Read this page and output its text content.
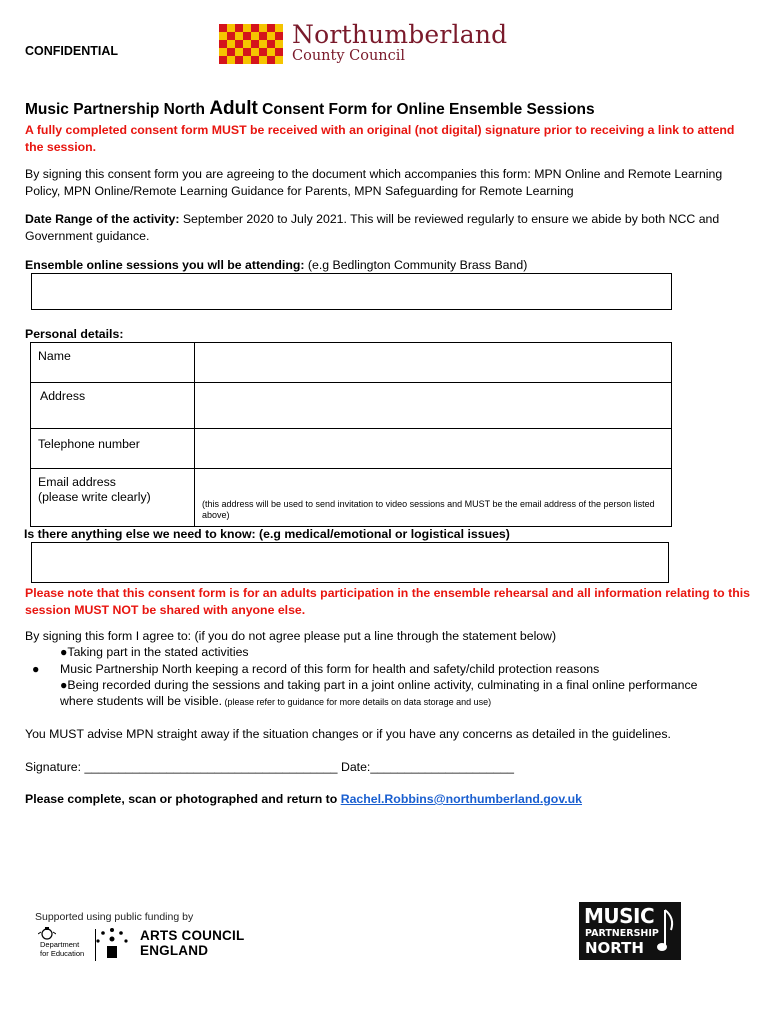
CONFIDENTIAL
Northumberland
County Council
Music Partnership North Adult Consent Form for Online Ensemble Sessions
A fully completed consent form MUST be received with an original (not digital) signature prior to receiving a link to attend the session.
By signing this consent form you are agreeing to the document which accompanies this form: MPN Online and Remote Learning Policy, MPN Online/Remote Learning Guidance for Parents, MPN Safeguarding for Remote Learning
Date Range of the activity: September 2020 to July 2021. This will be reviewed regularly to ensure we abide by both NCC and Government guidance.
Ensemble online sessions you wll be attending: (e.g Bedlington Community Brass Band)
Personal details:
Name	
Address	
Telephone number	

Email address
(please write clearly)	(this address will be used to send invitation to video sessions and MUST be the email address of the person listed above)
Is there anything else we need to know: (e.g medical/emotional or logistical issues)
Please note that this consent form is for an adults participation in the ensemble rehearsal and all information relating to this session MUST NOT be shared with anyone else.
By signing this form I agree to: (if you do not agree please put a line through the statement below)
●Taking part in the stated activities
● Music Partnership North keeping a record of this form for health and safety/child protection reasons
●Being recorded during the sessions and taking part in a joint online activity, culminating in a final online performance
where students will be visible. (please refer to guidance for more details on data storage and use)
You MUST advise MPN straight away if the situation changes or if you have any concerns as detailed in the guidelines.
Signature: _____________________________________ Date:_____________________
Please complete, scan or photographed and return to Rachel.Robbins@northumberland.gov.uk
Supported using public funding by
Department
for Education
ARTS COUNCIL
ENGLAND
MUSIC
PARTNERSHIP
NORTH
